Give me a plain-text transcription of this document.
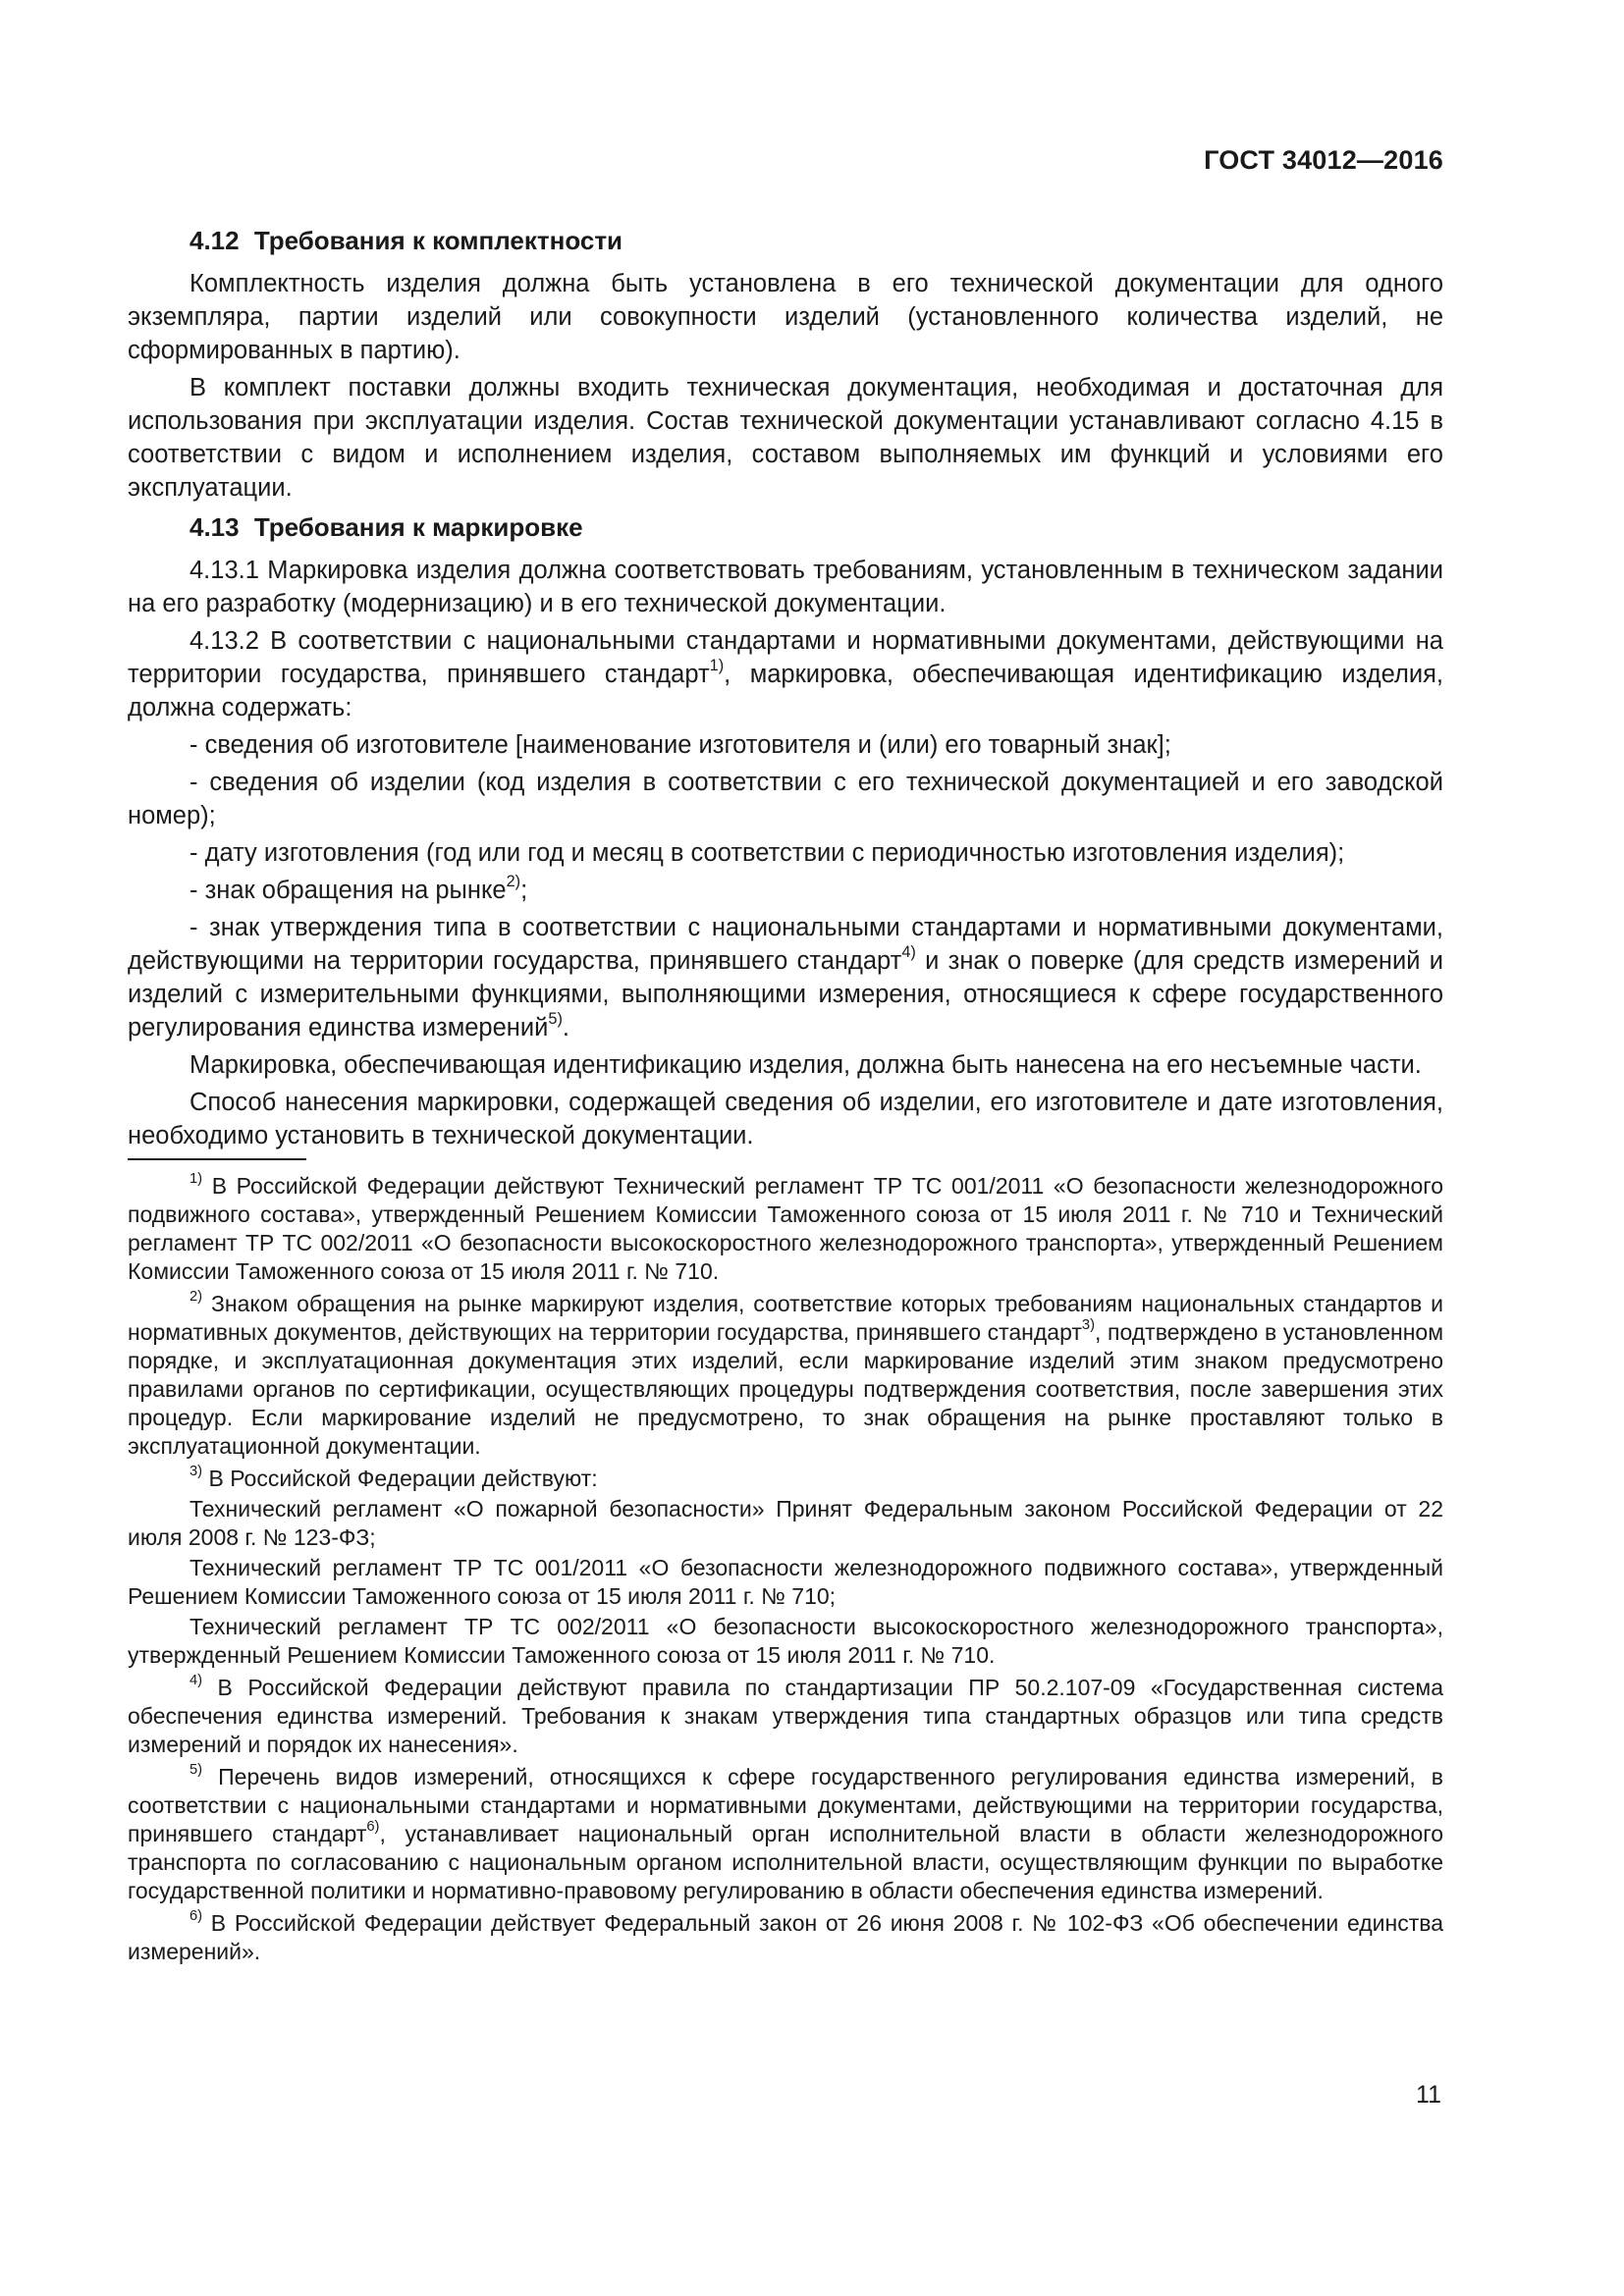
ГОСТ 34012—2016
4.12 Требования к комплектности

Комплектность изделия должна быть установлена в его технической документации для одного экземпляра, партии изделий или совокупности изделий (установленного количества изделий, не сформированных в партию).

В комплект поставки должны входить техническая документация, необходимая и достаточная для использования при эксплуатации изделия. Состав технической документации устанавливают согласно 4.15 в соответствии с видом и исполнением изделия, составом выполняемых им функций и условиями его эксплуатации.

4.13 Требования к маркировке

4.13.1 Маркировка изделия должна соответствовать требованиям, установленным в техническом задании на его разработку (модернизацию) и в его технической документации.

4.13.2 В соответствии с национальными стандартами и нормативными документами, действующими на территории государства, принявшего стандарт$^{1)}$, маркировка, обеспечивающая идентификацию изделия, должна содержать:

- сведения об изготовителе [наименование изготовителя и (или) его товарный знак];

- сведения об изделии (код изделия в соответствии с его технической документацией и его заводской номер);

- дату изготовления (год или год и месяц в соответствии с периодичностью изготовления изделия);

- знак обращения на рынке$^{2)}$;

- знак утверждения типа в соответствии с национальными стандартами и нормативными документами, действующими на территории государства, принявшего стандарт$^{4)}$ и знак о поверке (для средств измерений и изделий с измерительными функциями, выполняющими измерения, относящиеся к сфере государственного регулирования единства измерений$^{5)}$.

Маркировка, обеспечивающая идентификацию изделия, должна быть нанесена на его несъемные части.

Способ нанесения маркировки, содержащей сведения об изделии, его изготовителе и дате изготовления, необходимо установить в технической документации.

$^{1)}$ В Российской Федерации действуют Технический регламент ТР ТС 001/2011 «О безопасности железнодорожного подвижного состава», утвержденный Решением Комиссии Таможенного союза от 15 июля 2011 г. № 710 и Технический регламент ТР ТС 002/2011 «О безопасности высокоскоростного железнодорожного транспорта», утвержденный Решением Комиссии Таможенного союза от 15 июля 2011 г. № 710.

$^{2)}$ Знаком обращения на рынке маркируют изделия, соответствие которых требованиям национальных стандартов и нормативных документов, действующих на территории государства, принявшего стандарт$^{3)}$, подтверждено в установленном порядке, и эксплуатационная документация этих изделий, если маркирование изделий этим знаком предусмотрено правилами органов по сертификации, осуществляющих процедуры подтверждения соответствия, после завершения этих процедур. Если маркирование изделий не предусмотрено, то знак обращения на рынке проставляют только в эксплуатационной документации.

$^{3)}$ В Российской Федерации действуют:

Технический регламент «О пожарной безопасности» Принят Федеральным законом Российской Федерации от 22 июля 2008 г. № 123-ФЗ;

Технический регламент ТР ТС 001/2011 «О безопасности железнодорожного подвижного состава», утвержденный Решением Комиссии Таможенного союза от 15 июля 2011 г. № 710;

Технический регламент ТР ТС 002/2011 «О безопасности высокоскоростного железнодорожного транспорта», утвержденный Решением Комиссии Таможенного союза от 15 июля 2011 г. № 710.

$^{4)}$ В Российской Федерации действуют правила по стандартизации ПР 50.2.107-09 «Государственная система обеспечения единства измерений. Требования к знакам утверждения типа стандартных образцов или типа средств измерений и порядок их нанесения».

$^{5)}$ Перечень видов измерений, относящихся к сфере государственного регулирования единства измерений, в соответствии с национальными стандартами и нормативными документами, действующими на территории государства, принявшего стандарт$^{6)}$, устанавливает национальный орган исполнительной власти в области железнодорожного транспорта по согласованию с национальным органом исполнительной власти, осуществляющим функции по выработке государственной политики и нормативно-правовому регулированию в области обеспечения единства измерений.

$^{6)}$ В Российской Федерации действует Федеральный закон от 26 июня 2008 г. № 102-ФЗ «Об обеспечении единства измерений».

11
